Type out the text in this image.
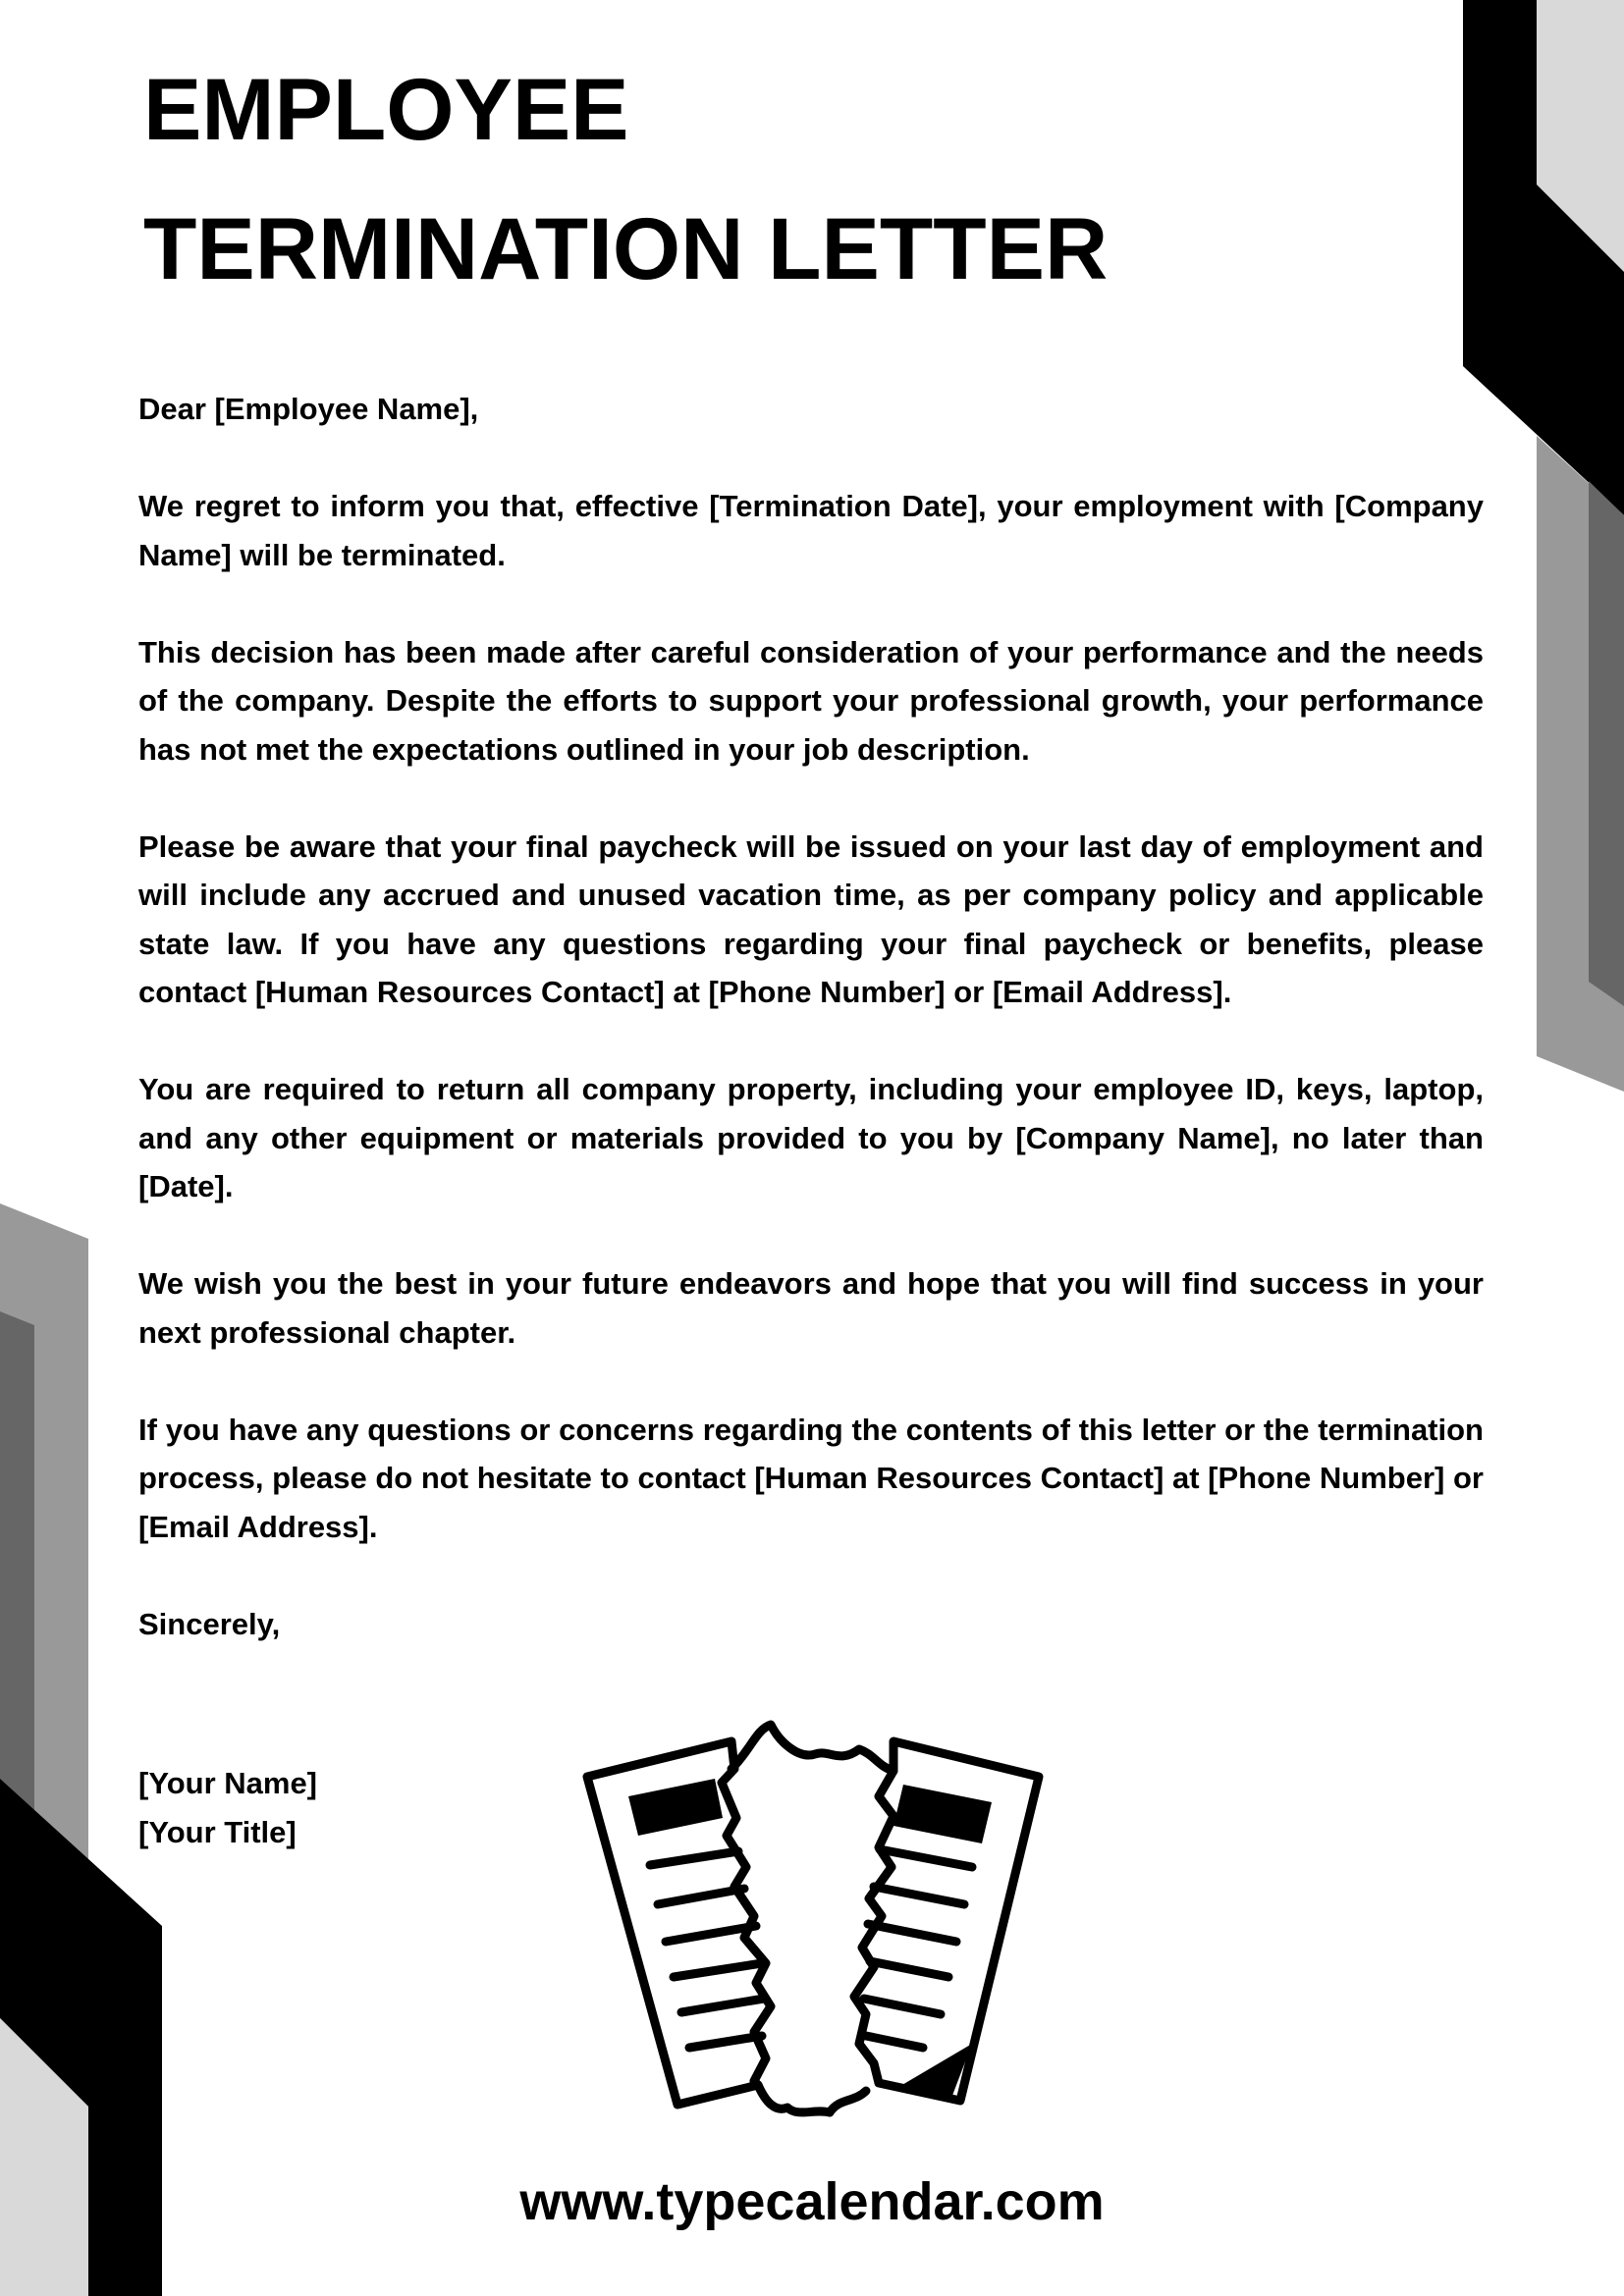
EMPLOYEE
TERMINATION LETTER

Dear [Employee Name],

We regret to inform you that, effective [Termination Date], your employment with [Company Name] will be terminated.

This decision has been made after careful consideration of your performance and the needs of the company. Despite the efforts to support your professional growth, your performance has not met the expectations outlined in your job description.

Please be aware that your final paycheck will be issued on your last day of employment and will include any accrued and unused vacation time, as per company policy and applicable state law. If you have any questions regarding your final paycheck or benefits, please contact [Human Resources Contact] at [Phone Number] or [Email Address].

You are required to return all company property, including your employee ID, keys, laptop, and any other equipment or materials provided to you by [Company Name], no later than [Date].

We wish you the best in your future endeavors and hope that you will find success in your next professional chapter.

If you have any questions or concerns regarding the contents of this letter or the termination process, please do not hesitate to contact [Human Resources Contact] at [Phone Number] or [Email Address].

Sincerely,

[Your Name]
[Your Title]
www.typecalendar.com
